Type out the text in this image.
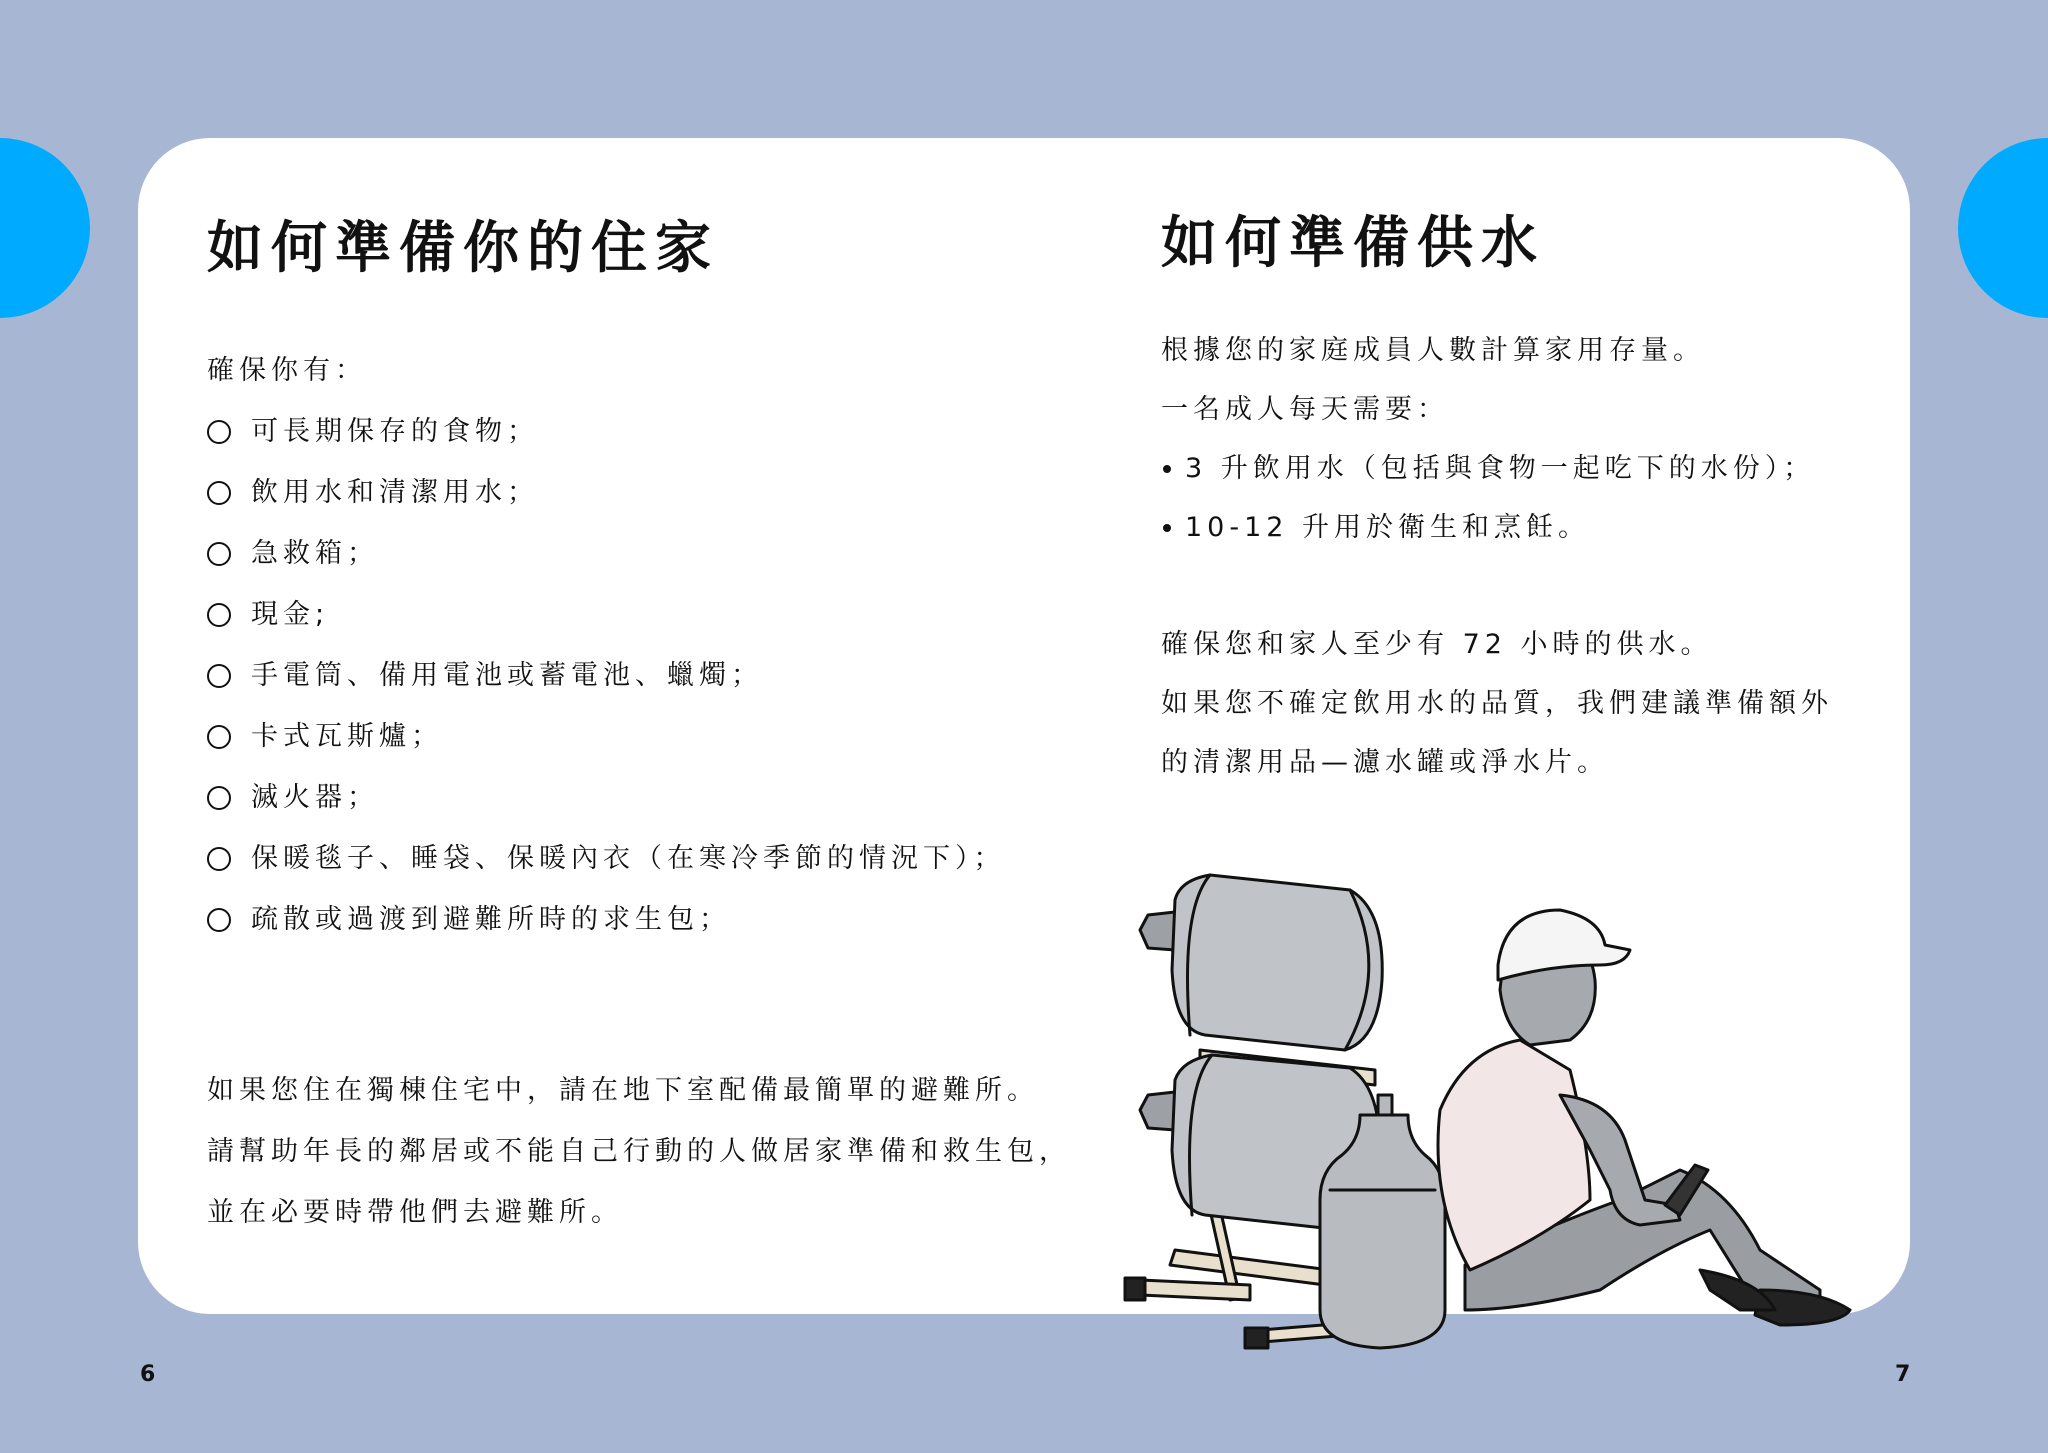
如何準備你的住家
確保你有：
可長期保存的食物；
飲用水和清潔用水；
急救箱；
現金;
手電筒、備用電池或蓄電池、蠟燭；
卡式瓦斯爐；
滅火器；
保暖毯子、睡袋、保暖內衣（在寒冷季節的情況下）；
疏散或過渡到避難所時的求生包；

如果您住在獨棟住宅中，請在地下室配備最簡單的避難所。

請幫助年長的鄰居或不能自己行動的人做居家準備和救生包，

並在必要時帶他們去避難所。

如何準備供水

根據您的家庭成員人數計算家用存量。

一名成人每天需要：

3 升飲用水（包括與食物一起吃下的水份）；

10-12 升用於衛生和烹飪。

確保您和家人至少有 72 小時的供水。

如果您不確定飲用水的品質，我們建議準備額外

的清潔用品—濾水罐或淨水片。

6	7
